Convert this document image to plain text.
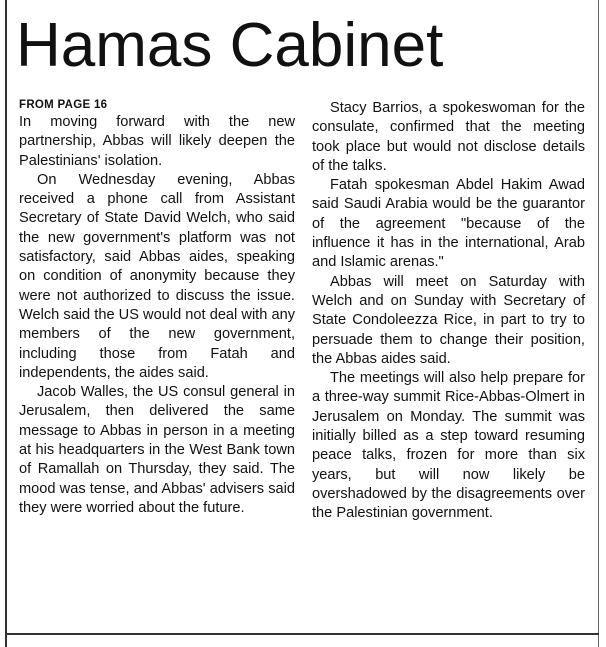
Hamas Cabinet
FROM PAGE 16

In moving forward with the new partnership, Abbas will likely deepen the Palestinians' isolation.

On Wednesday evening, Abbas received a phone call from Assistant Secretary of State David Welch, who said the new government's platform was not satisfactory, said Abbas aides, speaking on condition of anonymity because they were not authorized to discuss the issue. Welch said the US would not deal with any members of the new government, including those from Fatah and independents, the aides said.

Jacob Walles, the US consul general in Jerusalem, then delivered the same message to Abbas in person in a meeting at his headquarters in the West Bank town of Ramallah on Thursday, they said. The mood was tense, and Abbas' advisers said they were worried about the future.

Stacy Barrios, a spokeswoman for the consulate, confirmed that the meeting took place but would not disclose details of the talks.

Fatah spokesman Abdel Hakim Awad said Saudi Arabia would be the guarantor of the agreement "because of the influence it has in the international, Arab and Islamic arenas."

Abbas will meet on Saturday with Welch and on Sunday with Secretary of State Condoleezza Rice, in part to try to persuade them to change their position, the Abbas aides said.

The meetings will also help prepare for a three-way summit Rice-Abbas-Olmert in Jerusalem on Monday. The summit was initially billed as a step toward resuming peace talks, frozen for more than six years, but will now likely be overshadowed by the disagreements over the Palestinian government.
